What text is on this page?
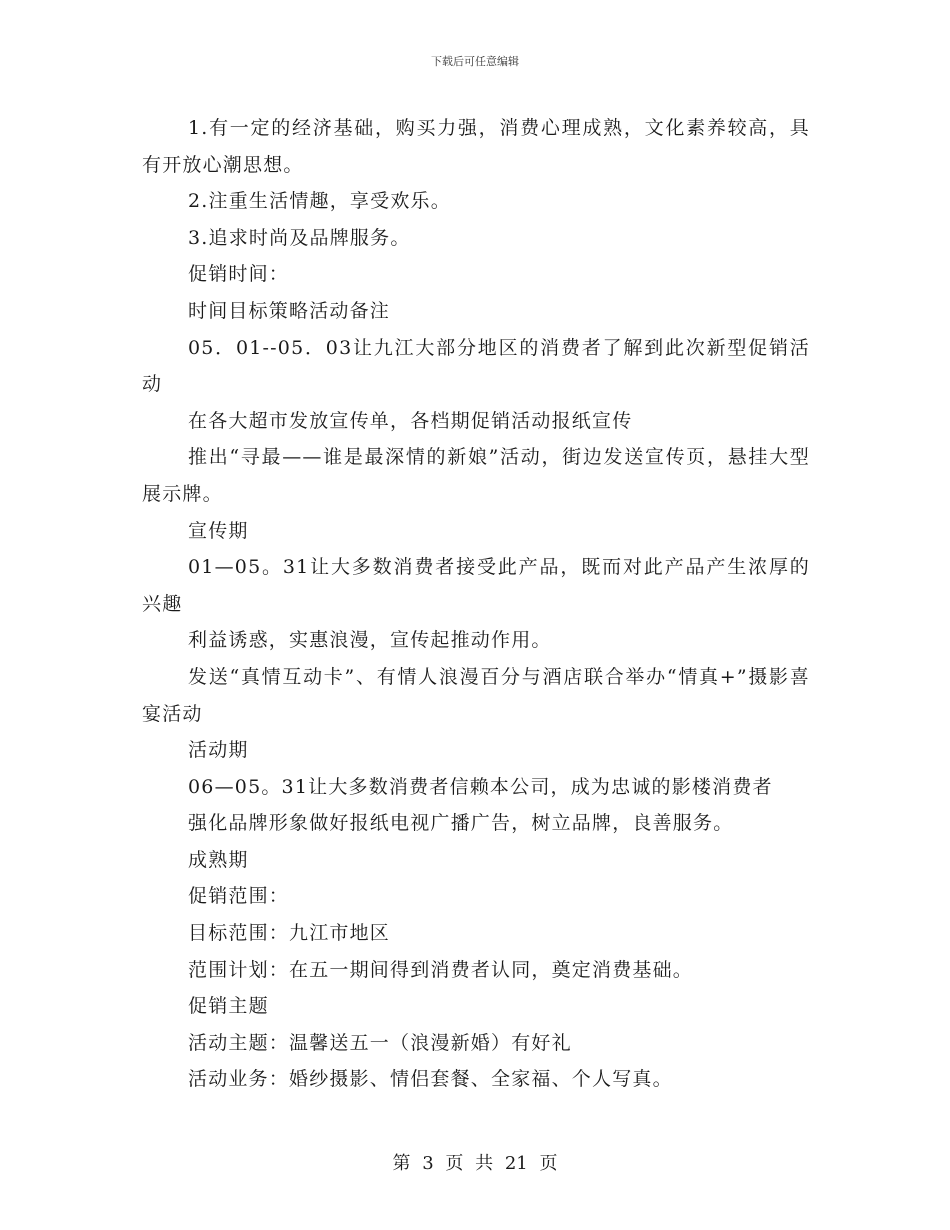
下载后可任意编辑

1.有一定的经济基础，购买力强，消费心理成熟，文化素养较高，具有开放心潮思想。

2.注重生活情趣，享受欢乐。

3.追求时尚及品牌服务。

促销时间：

时间目标策略活动备注

05．01--05．03让九江大部分地区的消费者了解到此次新型促销活动

在各大超市发放宣传单，各档期促销活动报纸宣传

推出“寻最——谁是最深情的新娘”活动，街边发送宣传页，悬挂大型展示牌。

宣传期

01—05。31让大多数消费者接受此产品，既而对此产品产生浓厚的兴趣

利益诱惑，实惠浪漫，宣传起推动作用。

发送“真情互动卡”、有情人浪漫百分与酒店联合举办“情真+”摄影喜宴活动

活动期

06—05。31让大多数消费者信赖本公司，成为忠诚的影楼消费者

强化品牌形象做好报纸电视广播广告，树立品牌，良善服务。

成熟期

促销范围：

目标范围：九江市地区

范围计划：在五一期间得到消费者认同，奠定消费基础。

促销主题

活动主题：温馨送五一（浪漫新婚）有好礼

活动业务：婚纱摄影、情侣套餐、全家福、个人写真。

第 3 页 共 21 页
